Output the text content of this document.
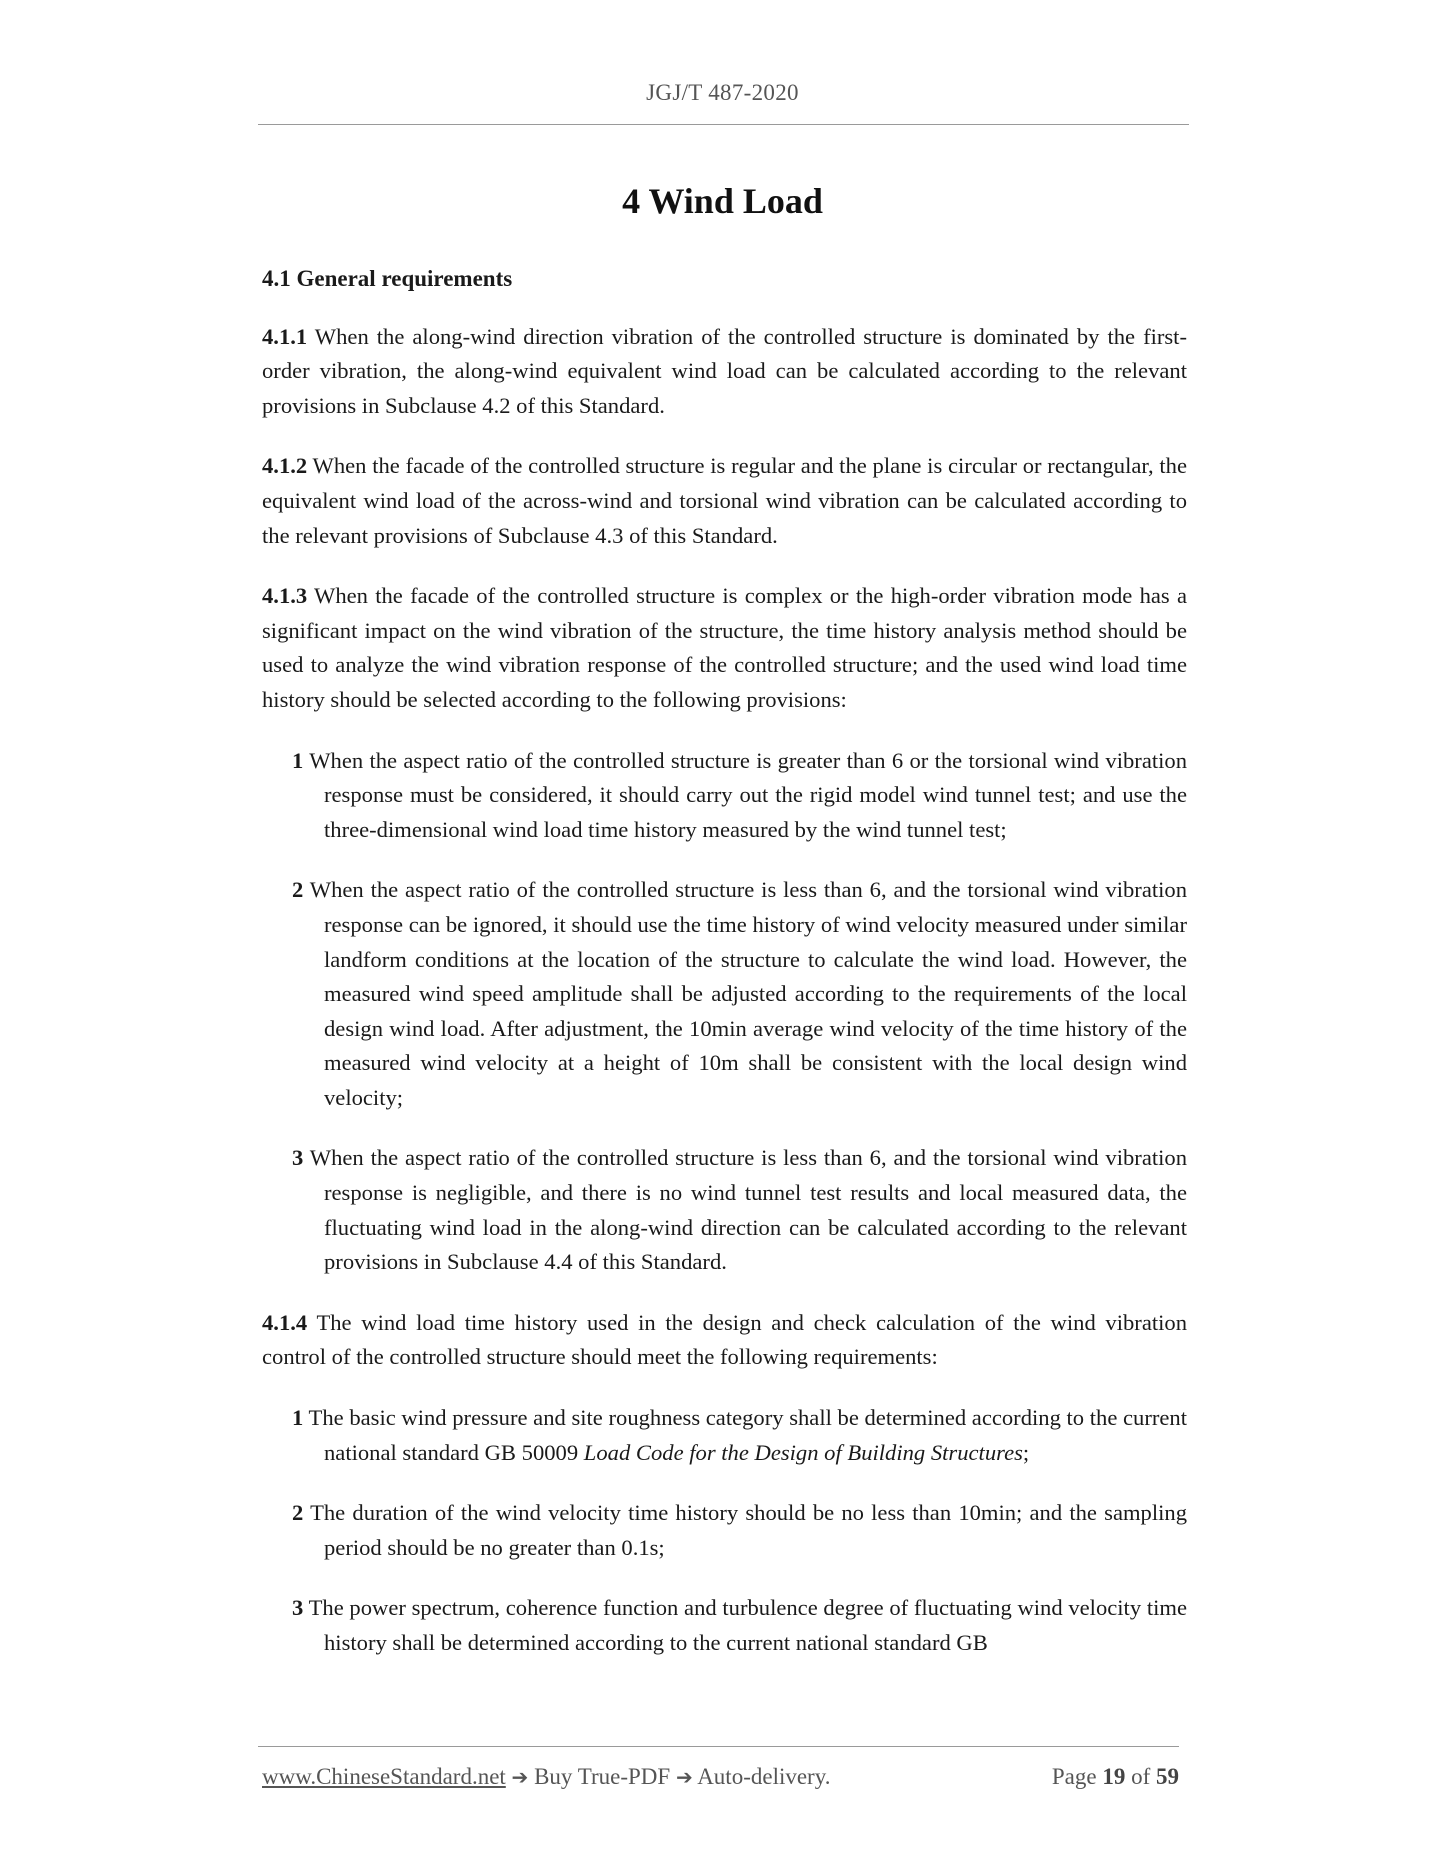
JGJ/T 487-2020
4 Wind Load
4.1 General requirements

4.1.1 When the along-wind direction vibration of the controlled structure is dominated by the first-order vibration, the along-wind equivalent wind load can be calculated according to the relevant provisions in Subclause 4.2 of this Standard.

4.1.2 When the facade of the controlled structure is regular and the plane is circular or rectangular, the equivalent wind load of the across-wind and torsional wind vibration can be calculated according to the relevant provisions of Subclause 4.3 of this Standard.

4.1.3 When the facade of the controlled structure is complex or the high-order vibration mode has a significant impact on the wind vibration of the structure, the time history analysis method should be used to analyze the wind vibration response of the controlled structure; and the used wind load time history should be selected according to the following provisions:

1 When the aspect ratio of the controlled structure is greater than 6 or the torsional wind vibration response must be considered, it should carry out the rigid model wind tunnel test; and use the three-dimensional wind load time history measured by the wind tunnel test;

2 When the aspect ratio of the controlled structure is less than 6, and the torsional wind vibration response can be ignored, it should use the time history of wind velocity measured under similar landform conditions at the location of the structure to calculate the wind load. However, the measured wind speed amplitude shall be adjusted according to the requirements of the local design wind load. After adjustment, the 10min average wind velocity of the time history of the measured wind velocity at a height of 10m shall be consistent with the local design wind velocity;

3 When the aspect ratio of the controlled structure is less than 6, and the torsional wind vibration response is negligible, and there is no wind tunnel test results and local measured data, the fluctuating wind load in the along-wind direction can be calculated according to the relevant provisions in Subclause 4.4 of this Standard.

4.1.4 The wind load time history used in the design and check calculation of the wind vibration control of the controlled structure should meet the following requirements:

1 The basic wind pressure and site roughness category shall be determined according to the current national standard GB 50009 Load Code for the Design of Building Structures;

2 The duration of the wind velocity time history should be no less than 10min; and the sampling period should be no greater than 0.1s;

3 The power spectrum, coherence function and turbulence degree of fluctuating wind velocity time history shall be determined according to the current national standard GB

www.ChineseStandard.net ➔ Buy True-PDF ➔ Auto-delivery.	Page 19 of 59
